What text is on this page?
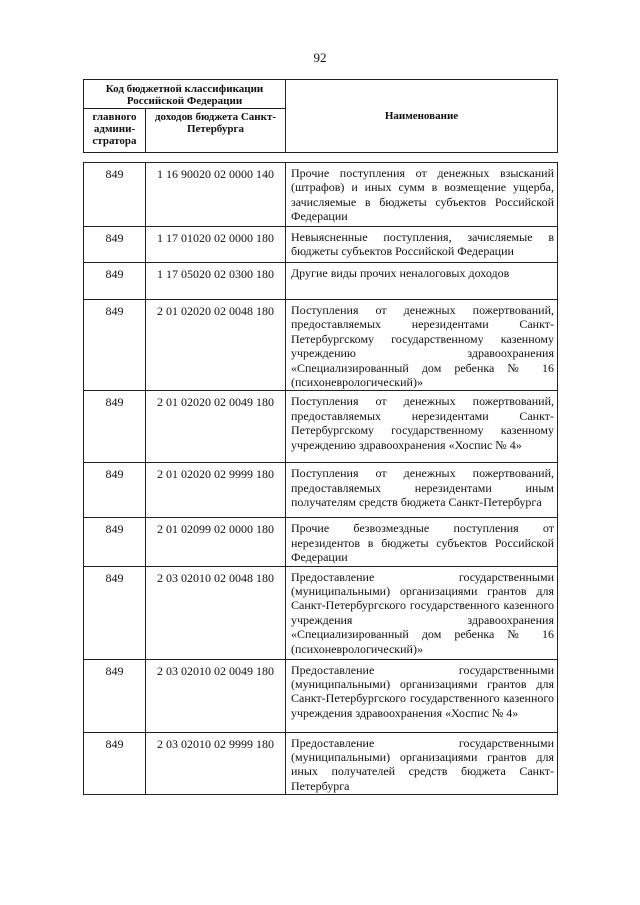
92
Код бюджетной классификации Российской Федерации		Наименование
главного админи-стратора	доходов бюджета Санкт-Петербурга	
849	1 16 90020 02 0000 140	Прочие поступления от денежных взысканий (штрафов) и иных сумм в возмещение ущерба, зачисляемые в бюджеты субъектов Российской Федерации
849	1 17 01020 02 0000 180	Невыясненные поступления, зачисляемые в бюджеты субъектов Российской Федерации
849	1 17 05020 02 0300 180	Другие виды прочих неналоговых доходов
849	2 01 02020 02 0048 180	Поступления от денежных пожертвований, предоставляемых нерезидентами Санкт-Петербургскому государственному казенному учреждению здравоохранения «Специализированный дом ребенка № 16 (психоневрологический)»
849	2 01 02020 02 0049 180	Поступления от денежных пожертвований, предоставляемых нерезидентами Санкт-Петербургскому государственному казенному учреждению здравоохранения «Хоспис № 4»
849	2 01 02020 02 9999 180	Поступления от денежных пожертвований, предоставляемых нерезидентами иным получателям средств бюджета Санкт-Петербурга
849	2 01 02099 02 0000 180	Прочие безвозмездные поступления от нерезидентов в бюджеты субъектов Российской Федерации
849	2 03 02010 02 0048 180	Предоставление государственными (муниципальными) организациями грантов для Санкт-Петербургского государственного казенного учреждения здравоохранения «Специализированный дом ребенка № 16 (психоневрологический)»
849	2 03 02010 02 0049 180	Предоставление государственными (муниципальными) организациями грантов для Санкт-Петербургского государственного казенного учреждения здравоохранения «Хоспис № 4»
849	2 03 02010 02 9999 180	Предоставление государственными (муниципальными) организациями грантов для иных получателей средств бюджета Санкт-Петербурга
